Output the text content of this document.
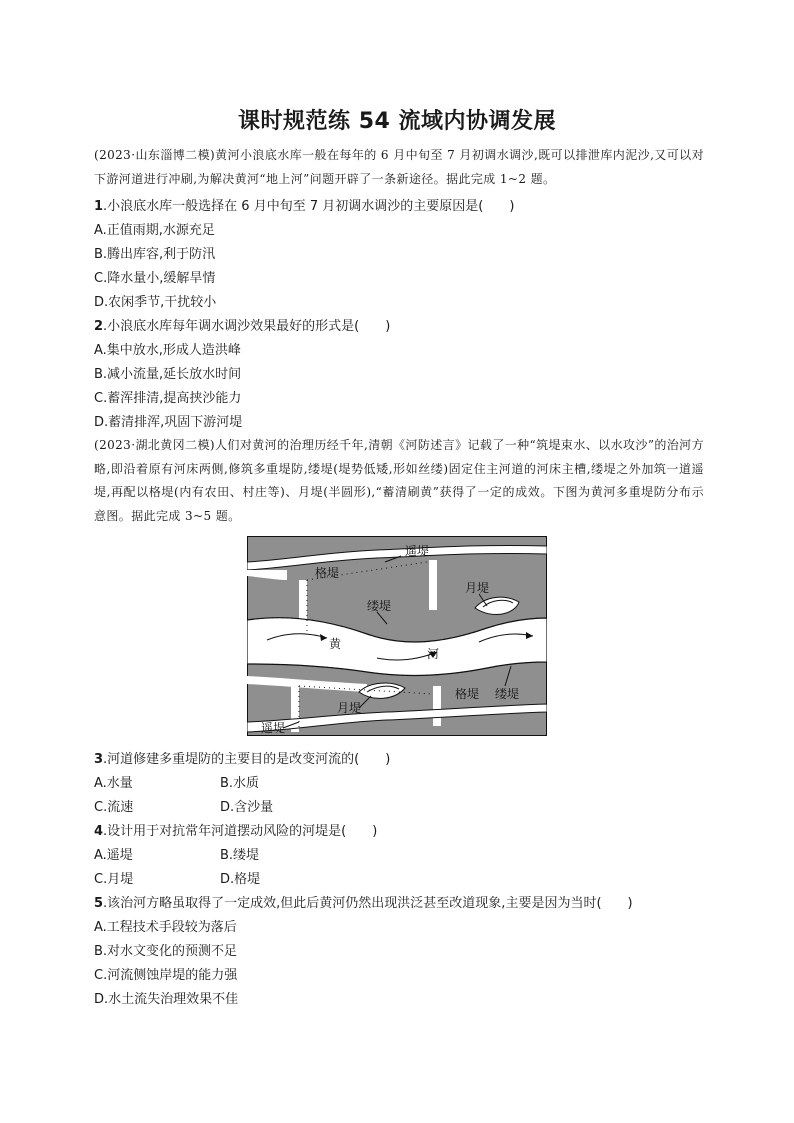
课时规范练 54 流域内协调发展
(2023·山东淄博二模)黄河小浪底水库一般在每年的 6 月中旬至 7 月初调水调沙,既可以排泄库内泥沙,又可以对下游河道进行冲刷,为解决黄河“地上河”问题开辟了一条新途径。据此完成 1~2 题。
1.小浪底水库一般选择在 6 月中旬至 7 月初调水调沙的主要原因是(　　)
A.正值雨期,水源充足
B.腾出库容,利于防汛
C.降水量小,缓解旱情
D.农闲季节,干扰较小
2.小浪底水库每年调水调沙效果最好的形式是(　　)
A.集中放水,形成人造洪峰
B.减小流量,延长放水时间
C.蓄浑排清,提高挟沙能力
D.蓄清排浑,巩固下游河堤
(2023·湖北黄冈二模)人们对黄河的治理历经千年,清朝《河防述言》记载了一种“筑堤束水、以水攻沙”的治河方略,即沿着原有河床两侧,修筑多重堤防,缕堤(堤势低矮,形如丝缕)固定住主河道的河床主槽,缕堤之外加筑一道遥堤,再配以格堤(内有农田、村庄等)、月堤(半圆形),“蓄清刷黄”获得了一定的成效。下图为黄河多重堤防分布示意图。据此完成 3~5 题。
遥堤
格堤
缕堤
月堤
黄
河
月堤
格堤 缕堤
遥堤
3.河道修建多重堤防的主要目的是改变河流的(　　)
A.水量	B.水质
C.流速	D.含沙量
4.设计用于对抗常年河道摆动风险的河堤是(　　)
A.遥堤	B.缕堤
C.月堤	D.格堤
5.该治河方略虽取得了一定成效,但此后黄河仍然出现洪泛甚至改道现象,主要是因为当时(　　)
A.工程技术手段较为落后
B.对水文变化的预测不足
C.河流侧蚀岸堤的能力强
D.水土流失治理效果不佳
